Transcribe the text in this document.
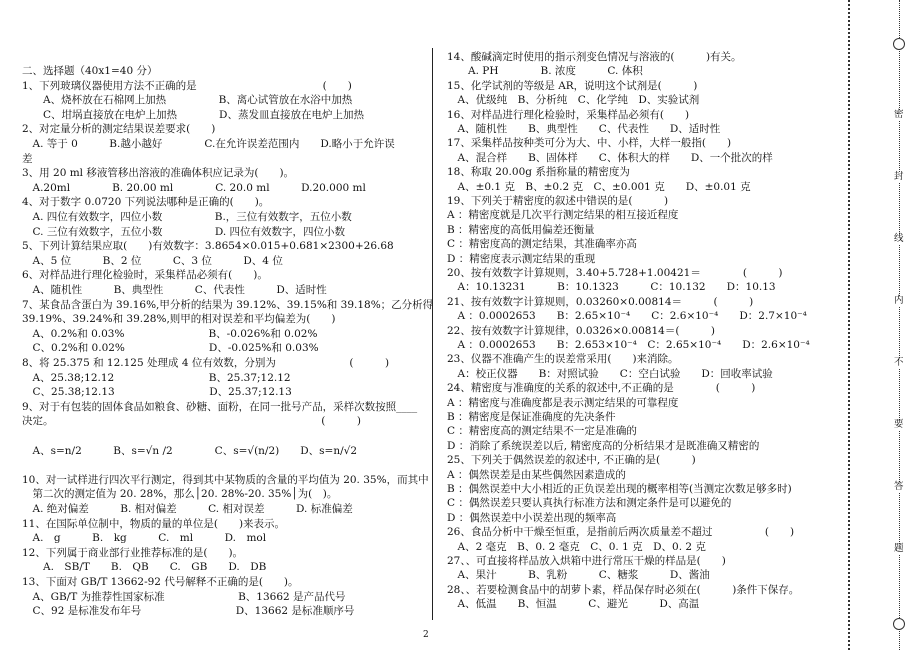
二、选择题（40x1=40 分）
1、下列玻璃仪器使用方法不正确的是　　　　　　　　　　　　(　　)
　　A、烧杯放在石棉网上加热　　　　　B、离心试管放在水浴中加热
　　C、坩埚直接放在电炉上加热　　　　D、蒸发皿直接放在电炉上加热
2、对定量分析的测定结果误差要求(　　)
　A. 等于 0　　　B.越小越好　　　　C.在允许误差范围内　　D.略小于允许误
差
3、用 20 ml 移液管移出溶液的准确体积应记录为(　　)。
　A.20ml　　　　B. 20.00 ml　　　　C. 20.0 ml　　　D.20.000 ml
4、对于数字 0.0720 下列说法哪种是正确的(　　)。
　A. 四位有效数字，四位小数　　　　　B.，三位有效数字，五位小数
　C. 三位有效数字，五位小数　　　　　D. 四位有效数字，四位小数
5、下列计算结果应取(　　)有效数字：3.8654×0.015+0.681×2300+26.68
　A、5 位　　　B、2 位　　　C、3 位　　　D、4 位
6、对样品进行理化检验时，采集样品必须有(　　)。
　A、随机性　　　B、典型性　　　C、代表性　　　D、适时性
7、某食品含蛋白为 39.16%,甲分析的结果为 39.12%、39.15%和 39.18%；乙分析得
39.19%、39.24%和 39.28%,则甲的相对误差和平均偏差为(　　)
　A、0.2%和 0.03%　　　　　　　　B、-0.026%和 0.02%
　C、0.2%和 0.02%　　　　　　　　D、-0.025%和 0.03%
8、将 25.375 和 12.125 处理成 4 位有效数，分别为　　　　　　　(　　　)
　A、25.38;12.12　　　　　　　　　B、25.37;12.12
　C、25.38;12.13　　　　　　　　　D、25.37;12.13
9、对于有包装的固体食品如粮食、砂糖、面粉，在同一批号产品，采样次数按照____
决定。　　　　　　　　　　　　　　　　　　　　　　　　　　(　　　)
　A、s=n/2　　　B、s=√n /2　　　　C、s=√(n/2)　　D、s=n/√2
10、对一试样进行四次平行测定，得到其中某物质的含量的平均值为 20. 35%，而其中
　第二次的测定值为 20. 28%，那么│20. 28%-20. 35%│为(　)。
　A. 绝对偏差　　　B. 相对偏差　　　C. 相对误差　　　D. 标准偏差
11、在国际单位制中，物质的量的单位是(　　)来表示。
　A.　g　　　B.　kg　　　C.　ml　　　D.　mol
12、下列属于商业部行业推荐标准的是(　　)。
　　A.　SB/T　　B.　QB　　C.　GB　　D.　DB
13、下面对 GB/T 13662-92 代号解释不正确的是(　　)。
　A、GB/T 为推荐性国家标准　　　　　　　B、13662 是产品代号
　C、92 是标准发布年号　　　　　　　　　D、13662 是标准顺序号
14、酸碱滴定时使用的指示剂变色情况与溶液的(　　　)有关。
　　A. PH　　　　B. 浓度　　　C. 体积
15、化学试剂的等级是 AR，说明这个试剂是(　　　)
　A、优级纯　B、分析纯　C、化学纯　D、实验试剂
16、对样品进行理化检验时，采集样品必须有(　　)
　A、随机性　　B、典型性　　C、代表性　　D、适时性
17、采集样品按种类可分为大、中、小样，大样一般指(　　)
　A、混合样　　B、固体样　　C、体积大的样　　D、一个批次的样
18、称取 20.00g 系指称量的精密度为
　A、±0.1 克　B、±0.2 克　C、±0.001 克　　D、±0.01 克
19、下列关于精密度的叙述中错误的是(　　　)
A ：精密度就是几次平行测定结果的相互接近程度
B ：精密度的高低用偏差还衡量
C ：精密度高的测定结果，其准确率亦高
D ：精密度表示测定结果的重现
20、按有效数字计算规则，3.40+5.728+1.00421＝　　　　(　　　)
　A：10.13231　　　B：10.1323　　　C：10.132　　D：10.13
21、按有效数字计算规则，0.03260×0.00814＝　　　(　　　)
　A ：0.0002653　　B：2.65×10⁻⁴　　C：2.6×10⁻⁴　　D：2.7×10⁻⁴
22、按有效数字计算规律，0.0326×0.00814＝(　　　)
　A ：0.0002653　　B：2.653×10⁻⁴　C：2.65×10⁻⁴　　D：2.6×10⁻⁴
23、仪器不准确产生的误差常采用(　　)来消除。
　A：校正仪器　　B：对照试验　　C：空白试验　　D：回收率试验
24、精密度与准确度的关系的叙述中,不正确的是　　　　(　　　)
A ：精密度与准确度都是表示测定结果的可靠程度
B ：精密度是保证准确度的先决条件
C ：精密度高的测定结果不一定是准确的
D ：消除了系统误差以后, 精密度高的分析结果才是既准确又精密的
25、下列关于偶然误差的叙述中, 不正确的是(　　　)
A ：偶然误差是由某些偶然因素造成的
B ：偶然误差中大小相近的正负误差出现的概率相等(当测定次数足够多时)
C ：偶然误差只要认真执行标准方法和测定条件是可以避免的
D ：偶然误差中小误差出现的频率高
26、食品分析中干燥至恒重，是指前后两次质量差不超过　　　　　(　　)
　A、2 毫克　B、0. 2 毫克　C、0. 1 克　D、0. 2 克
27、、可直接将样品放入烘箱中进行常压干燥的样品是(　　)
　A、果汁　　　B、乳粉　　　C、糖浆　　　D、酱油
28、、若要检测食品中的胡萝卜素，样品保存时必须在(　　　)条件下保存。
　A、低温　　B、恒温　　　C、避光　　　D、高温
密
封
线
内
不
要
答
题
2
